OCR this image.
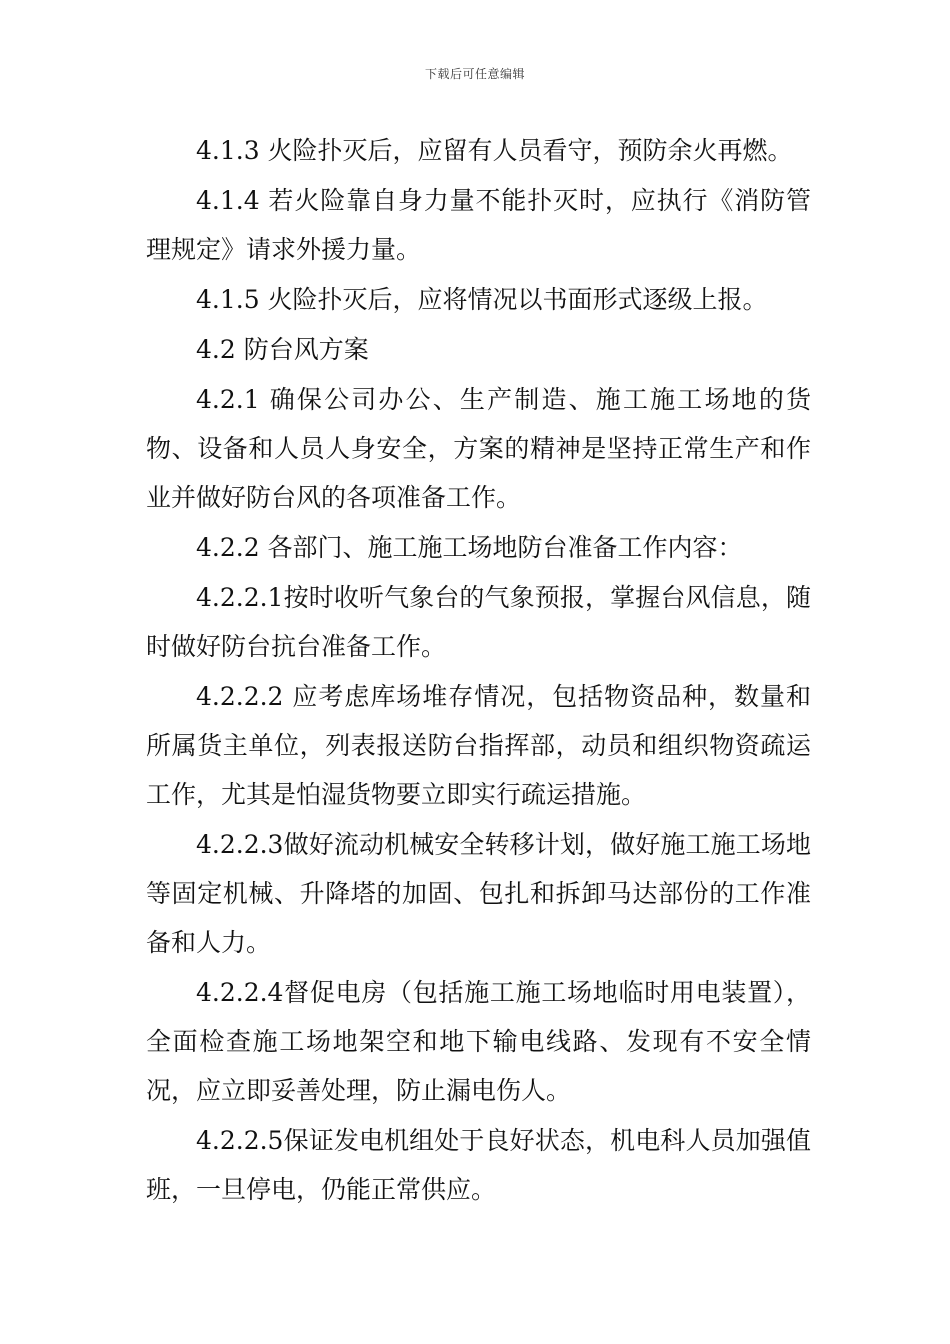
下载后可任意编辑

4.1.3 火险扑灭后，应留有人员看守，预防余火再燃。

4.1.4 若火险靠自身力量不能扑灭时，应执行《消防管理规定》请求外援力量。

4.1.5 火险扑灭后，应将情况以书面形式逐级上报。

4.2 防台风方案

4.2.1 确保公司办公、生产制造、施工施工场地的货物、设备和人员人身安全，方案的精神是坚持正常生产和作业并做好防台风的各项准备工作。

4.2.2 各部门、施工施工场地防台准备工作内容：

4.2.2.1按时收听气象台的气象预报，掌握台风信息，随时做好防台抗台准备工作。

4.2.2.2 应考虑库场堆存情况，包括物资品种，数量和所属货主单位，列表报送防台指挥部，动员和组织物资疏运工作，尤其是怕湿货物要立即实行疏运措施。

4.2.2.3做好流动机械安全转移计划，做好施工施工场地等固定机械、升降塔的加固、包扎和拆卸马达部份的工作准备和人力。

4.2.2.4督促电房（包括施工施工场地临时用电装置），全面检查施工场地架空和地下输电线路、发现有不安全情况，应立即妥善处理，防止漏电伤人。

4.2.2.5保证发电机组处于良好状态，机电科人员加强值班，一旦停电，仍能正常供应。
